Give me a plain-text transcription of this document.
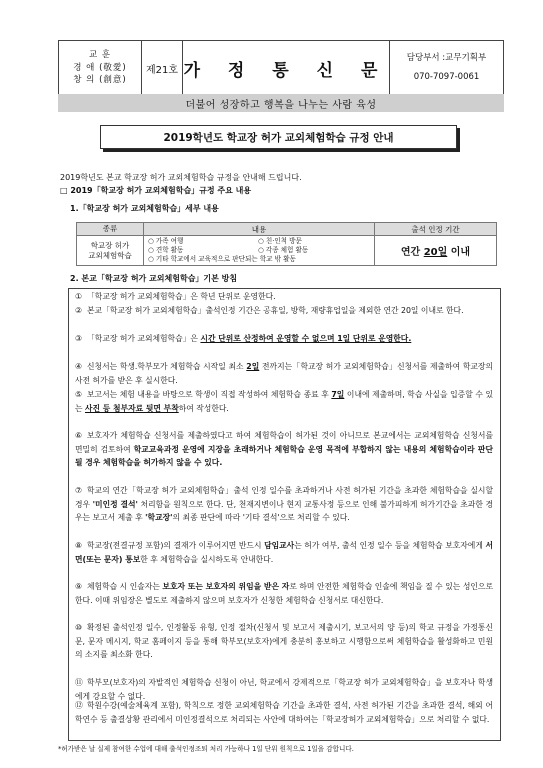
교 훈
경 애 (敬愛)
창 의 (創意)
제21호 가 정 통 신 문
담당부서 :교무기획부
070-7097-0061
더불어 성장하고 행복을 나누는 사람 육성
2019학년도 학교장 허가 교외체험학습 규정 안내
2019학년도 본교 학교장 허가 교외체험학습 규정을 안내해 드립니다.
□ 2019「학교장 허가 교외체험학습」규정 주요 내용
1.「학교장 허가 교외체험학습」세부 내용
종류	내용	출석 인정 기간
학교장 허가
교외체험학습	○ 가족 여행 ○ 친·인척 방문
○ 견학 활동 ○ 각종 체험 활동
○ 기타 학교에서 교육적으로 판단되는 학교 밖 활동	연간 20일 이내
2. 본교「학교장 허가 교외체험학습」기본 방침
① 「학교장 허가 교외체험학습」은 학년 단위로 운영한다.
② 본교「학교장 허가 교외체험학습」출석인정 기간은 공휴일, 방학, 재량휴업일을 제외한 연간 20일 이내로 한다.
③ 「학교장 허가 교외체험학습」은 시간 단위로 산정하여 운영할 수 없으며 1일 단위로 운영한다.
④ 신청서는 학생.학부모가 체험학습 시작일 최소 2일 전까지는「학교장 허가 교외체험학습」신청서를 제출하여 학교장의 사전 허가를 받은 후 실시한다.
⑤ 보고서는 체험 내용을 바탕으로 학생이 직접 작성하여 체험학습 종료 후 7일 이내에 제출하며, 학습 사실을 입증할 수 있는 사진 등 첨부자료 뒷면 부착하여 작성한다.
⑥ 보호자가 체험학습 신청서를 제출하였다고 하여 체험학습이 허가된 것이 아니므로 본교에서는 교외체험학습 신청서를 면밀히 검토하여 학교교육과정 운영에 지장을 초래하거나 체험학습 운영 목적에 부합하지 않는 내용의 체험학습이라 판단될 경우 체험학습을 허가하지 않을 수 있다.
⑦ 학교의 연간「학교장 허가 교외체험학습」출석 인정 일수를 초과하거나 사전 허가된 기간을 초과한 체험학습을 실시할 경우 '미인정 결석' 처리함을 원칙으로 한다. 단, 천재지변이나 현지 교통사정 등으로 인해 불가피하게 허가기간을 초과한 경우는 보고서 제출 후 '학교장'의 최종 판단에 따라 '기타 결석'으로 처리할 수 있다.
⑧ 학교장(전결규정 포함)의 결재가 이루어지면 반드시 담임교사는 허가 여부, 출석 인정 일수 등을 체험학습 보호자에게 서면(또는 문자) 통보한 후 체험학습을 실시하도록 안내한다.
⑨ 체험학습 시 인솔자는 보호자 또는 보호자의 위임을 받은 자로 하며 안전한 체험학습 인솔에 책임을 질 수 있는 성인으로 한다. 이때 위임장은 별도로 제출하지 않으며 보호자가 신청한 체험학습 신청서로 대신한다.
⑩ 확정된 출석인정 일수, 인정활동 유형, 인정 절차(신청서 및 보고서 제출시기, 보고서의 양 등)의 학교 규정을 가정통신문, 문자 메시지, 학교 홈페이지 등을 통해 학부모(보호자)에게 충분히 홍보하고 시행함으로써 체험학습을 활성화하고 민원의 소지를 최소화 한다.
⑪ 학부모(보호자)의 자발적인 체험학습 신청이 아닌, 학교에서 강제적으로「학교장 허가 교외체험학습」을 보호자나 학생에게 강요할 수 없다.
⑫ 학원수강(예술체육계 포함), 학칙으로 정한 교외체험학습 기간을 초과한 결석, 사전 허가된 기간을 초과한 결석, 해외 어학연수 등 출결상황 관리에서 미인정결석으로 처리되는 사안에 대하여는「학교장허가 교외체험학습」으로 처리할 수 없다.
*허가받은 날 실제 참여한 수업에 대해 출석인정조퇴 처리 가능하나 1일 단위 원칙으로 1일을 감합니다.
